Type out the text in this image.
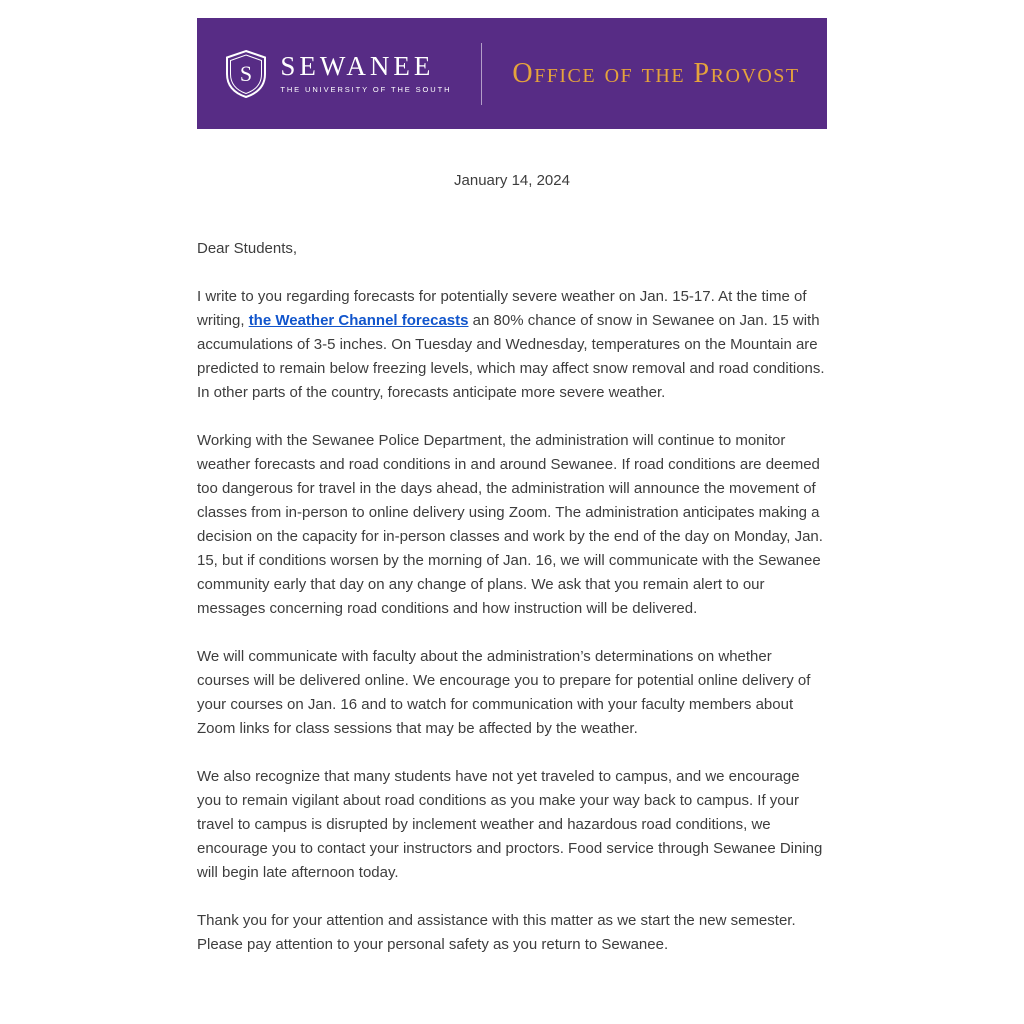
S SEWANEE
THE UNIVERSITY OF THE SOUTH
Office of the Provost

January 14, 2024

Dear Students,

I write to you regarding forecasts for potentially severe weather on Jan. 15-17. At the time of writing, the Weather Channel forecasts an 80% chance of snow in Sewanee on Jan. 15 with accumulations of 3-5 inches. On Tuesday and Wednesday, temperatures on the Mountain are predicted to remain below freezing levels, which may affect snow removal and road conditions. In other parts of the country, forecasts anticipate more severe weather.

Working with the Sewanee Police Department, the administration will continue to monitor weather forecasts and road conditions in and around Sewanee. If road conditions are deemed too dangerous for travel in the days ahead, the administration will announce the movement of classes from in-person to online delivery using Zoom. The administration anticipates making a decision on the capacity for in-person classes and work by the end of the day on Monday, Jan. 15, but if conditions worsen by the morning of Jan. 16, we will communicate with the Sewanee community early that day on any change of plans. We ask that you remain alert to our messages concerning road conditions and how instruction will be delivered.

We will communicate with faculty about the administration’s determinations on whether courses will be delivered online. We encourage you to prepare for potential online delivery of your courses on Jan. 16 and to watch for communication with your faculty members about Zoom links for class sessions that may be affected by the weather.

We also recognize that many students have not yet traveled to campus, and we encourage you to remain vigilant about road conditions as you make your way back to campus. If your travel to campus is disrupted by inclement weather and hazardous road conditions, we encourage you to contact your instructors and proctors. Food service through Sewanee Dining will begin late afternoon today.

Thank you for your attention and assistance with this matter as we start the new semester. Please pay attention to your personal safety as you return to Sewanee.
